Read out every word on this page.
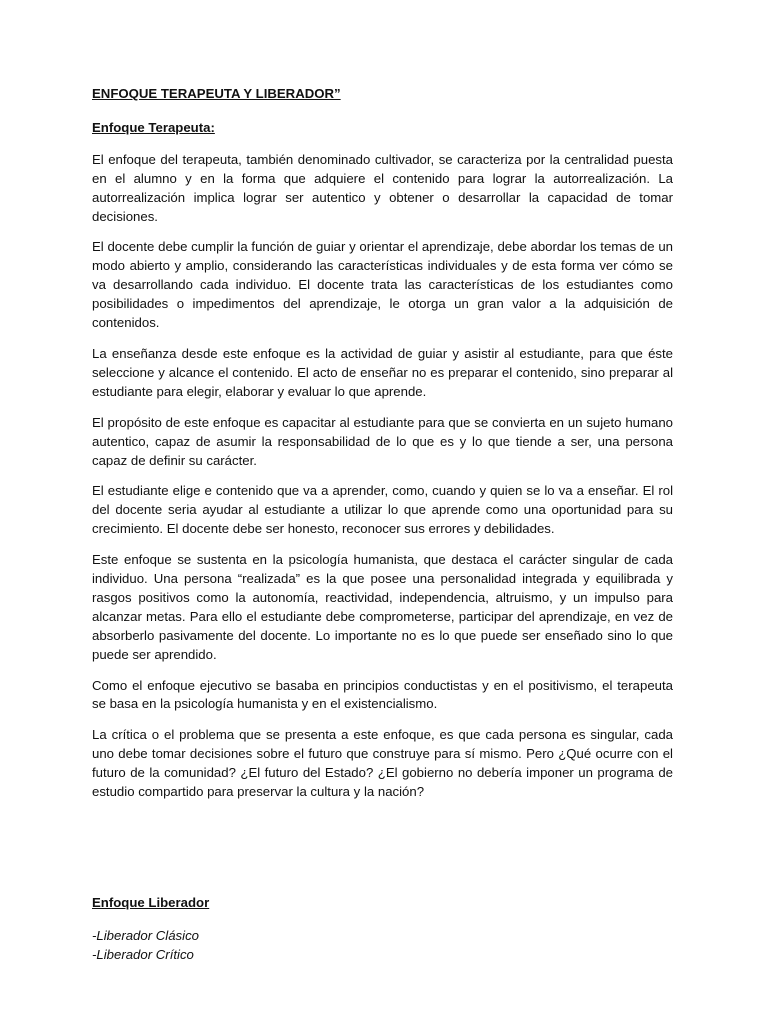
ENFOQUE TERAPEUTA Y LIBERADOR”

Enfoque Terapeuta:

El enfoque del terapeuta, también denominado cultivador, se caracteriza por la centralidad puesta en el alumno y en la forma que adquiere el contenido para lograr la autorrealización. La autorrealización implica lograr ser autentico y obtener o desarrollar la capacidad de tomar decisiones.

El docente debe cumplir la función de guiar y orientar el aprendizaje, debe abordar los temas de un modo abierto y amplio, considerando las características individuales y de esta forma ver cómo se va desarrollando cada individuo. El docente trata las características de los estudiantes como posibilidades o impedimentos del aprendizaje, le otorga un gran valor a la adquisición de contenidos.

La enseñanza desde este enfoque es la actividad de guiar y asistir al estudiante, para que éste seleccione y alcance el contenido. El acto de enseñar no es preparar el contenido, sino preparar al estudiante para elegir, elaborar y evaluar lo que aprende.

El propósito de este enfoque es capacitar al estudiante para que se convierta en un sujeto humano autentico, capaz de asumir la responsabilidad de lo que es y lo que tiende a ser, una persona capaz de definir su carácter.

El estudiante elige e contenido que va a aprender, como, cuando y quien se lo va a enseñar. El rol del docente seria ayudar al estudiante a utilizar lo que aprende como una oportunidad para su crecimiento. El docente debe ser honesto, reconocer sus errores y debilidades.

Este enfoque se sustenta en la psicología humanista, que destaca el carácter singular de cada individuo. Una persona “realizada” es la que posee una personalidad integrada y equilibrada y rasgos positivos como la autonomía, reactividad, independencia, altruismo, y un impulso para alcanzar metas. Para ello el estudiante debe comprometerse, participar del aprendizaje, en vez de absorberlo pasivamente del docente. Lo importante no es lo que puede ser enseñado sino lo que puede ser aprendido.

Como el enfoque ejecutivo se basaba en principios conductistas y en el positivismo, el terapeuta se basa en la psicología humanista y en el existencialismo.

La crítica o el problema que se presenta a este enfoque, es que cada persona es singular, cada uno debe tomar decisiones sobre el futuro que construye para sí mismo. Pero ¿Qué ocurre con el futuro de la comunidad? ¿El futuro del Estado? ¿El gobierno no debería imponer un programa de estudio compartido para preservar la cultura y la nación?

Enfoque Liberador

-Liberador Clásico
-Liberador Crítico
